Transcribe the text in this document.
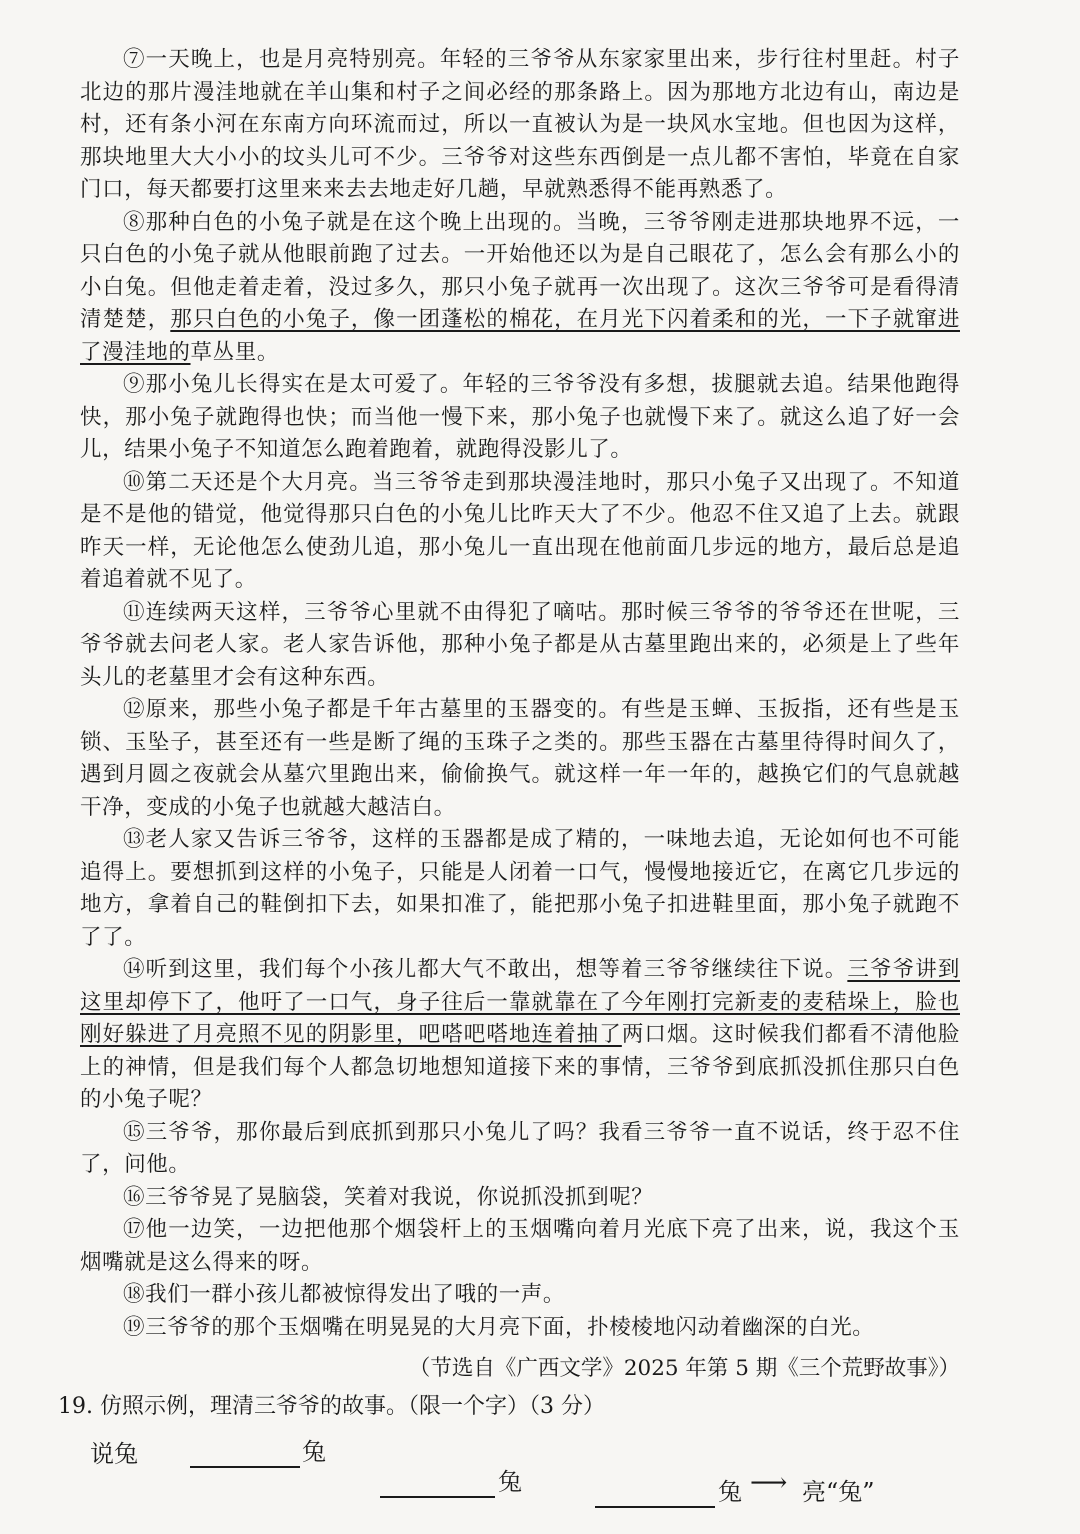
⑦一天晚上，也是月亮特别亮。年轻的三爷爷从东家家里出来，步行往村里赶。村子北边的那片漫洼地就在羊山集和村子之间必经的那条路上。因为那地方北边有山，南边是村，还有条小河在东南方向环流而过，所以一直被认为是一块风水宝地。但也因为这样，那块地里大大小小的坟头儿可不少。三爷爷对这些东西倒是一点儿都不害怕，毕竟在自家门口，每天都要打这里来来去去地走好几趟，早就熟悉得不能再熟悉了。

⑧那种白色的小兔子就是在这个晚上出现的。当晚，三爷爷刚走进那块地界不远，一只白色的小兔子就从他眼前跑了过去。一开始他还以为是自己眼花了，怎么会有那么小的小白兔。但他走着走着，没过多久，那只小兔子就再一次出现了。这次三爷爷可是看得清清楚楚，那只白色的小兔子，像一团蓬松的棉花，在月光下闪着柔和的光，一下子就窜进了漫洼地的草丛里。

⑨那小兔儿长得实在是太可爱了。年轻的三爷爷没有多想，拔腿就去追。结果他跑得快，那小兔子就跑得也快；而当他一慢下来，那小兔子也就慢下来了。就这么追了好一会儿，结果小兔子不知道怎么跑着跑着，就跑得没影儿了。

⑩第二天还是个大月亮。当三爷爷走到那块漫洼地时，那只小兔子又出现了。不知道是不是他的错觉，他觉得那只白色的小兔儿比昨天大了不少。他忍不住又追了上去。就跟昨天一样，无论他怎么使劲儿追，那小兔儿一直出现在他前面几步远的地方，最后总是追着追着就不见了。

⑪连续两天这样，三爷爷心里就不由得犯了嘀咕。那时候三爷爷的爷爷还在世呢，三爷爷就去问老人家。老人家告诉他，那种小兔子都是从古墓里跑出来的，必须是上了些年头儿的老墓里才会有这种东西。

⑫原来，那些小兔子都是千年古墓里的玉器变的。有些是玉蝉、玉扳指，还有些是玉锁、玉坠子，甚至还有一些是断了绳的玉珠子之类的。那些玉器在古墓里待得时间久了，遇到月圆之夜就会从墓穴里跑出来，偷偷换气。就这样一年一年的，越换它们的气息就越干净，变成的小兔子也就越大越洁白。

⑬老人家又告诉三爷爷，这样的玉器都是成了精的，一味地去追，无论如何也不可能追得上。要想抓到这样的小兔子，只能是人闭着一口气，慢慢地接近它，在离它几步远的地方，拿着自己的鞋倒扣下去，如果扣准了，能把那小兔子扣进鞋里面，那小兔子就跑不了了。

⑭听到这里，我们每个小孩儿都大气不敢出，想等着三爷爷继续往下说。三爷爷讲到这里却停下了，他吁了一口气，身子往后一靠就靠在了今年刚打完新麦的麦秸垛上，脸也刚好躲进了月亮照不见的阴影里，吧嗒吧嗒地连着抽了两口烟。这时候我们都看不清他脸上的神情，但是我们每个人都急切地想知道接下来的事情，三爷爷到底抓没抓住那只白色的小兔子呢？

⑮三爷爷，那你最后到底抓到那只小兔儿了吗？我看三爷爷一直不说话，终于忍不住了，问他。

⑯三爷爷晃了晃脑袋，笑着对我说，你说抓没抓到呢？

⑰他一边笑，一边把他那个烟袋杆上的玉烟嘴向着月光底下亮了出来，说，我这个玉烟嘴就是这么得来的呀。

⑱我们一群小孩儿都被惊得发出了哦的一声。

⑲三爷爷的那个玉烟嘴在明晃晃的大月亮下面，扑棱棱地闪动着幽深的白光。

（节选自《广西文学》2025 年第 5 期《三个荒野故事》）

19. 仿照示例，理清三爷爷的故事。（限一个字）（3 分）

说兔	兔
兔	兔 ⟶ 亮“兔”
